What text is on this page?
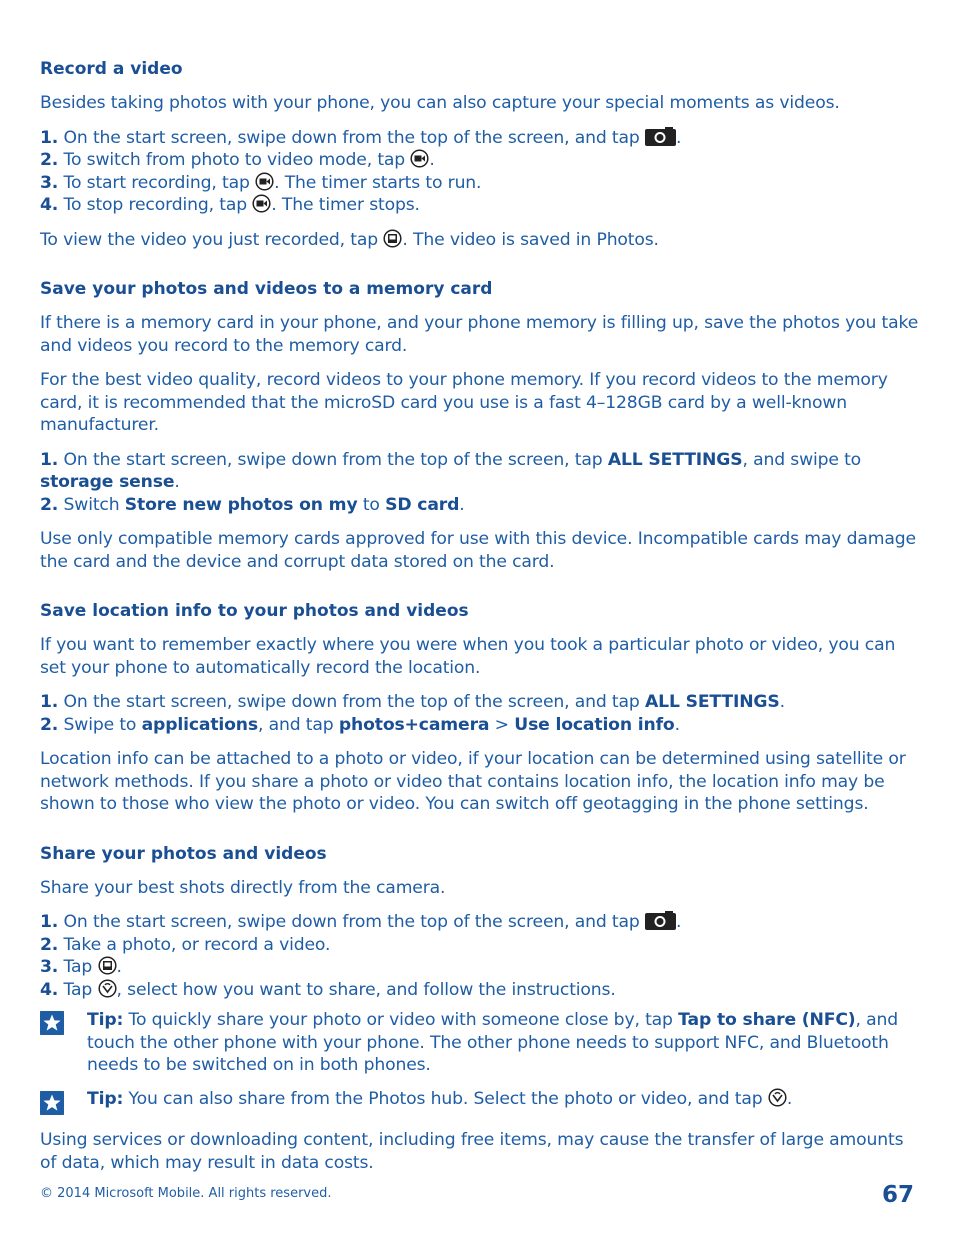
Record a video

Besides taking photos with your phone, you can also capture your special moments as videos.

1. On the start screen, swipe down from the top of the screen, and tap .

2. To switch from photo to video mode, tap .

3. To start recording, tap . The timer starts to run.

4. To stop recording, tap . The timer stops.

To view the video you just recorded, tap . The video is saved in Photos.

Save your photos and videos to a memory card

If there is a memory card in your phone, and your phone memory is filling up, save the photos you take and videos you record to the memory card.

For the best video quality, record videos to your phone memory. If you record videos to the memory card, it is recommended that the microSD card you use is a fast 4–128GB card by a well-known manufacturer.

1. On the start screen, swipe down from the top of the screen, tap ALL SETTINGS, and swipe to storage sense.

2. Switch Store new photos on my to SD card.

Use only compatible memory cards approved for use with this device. Incompatible cards may damage the card and the device and corrupt data stored on the card.

Save location info to your photos and videos

If you want to remember exactly where you were when you took a particular photo or video, you can set your phone to automatically record the location.

1. On the start screen, swipe down from the top of the screen, and tap ALL SETTINGS.

2. Swipe to applications, and tap photos+camera > Use location info.

Location info can be attached to a photo or video, if your location can be determined using satellite or network methods. If you share a photo or video that contains location info, the location info may be shown to those who view the photo or video. You can switch off geotagging in the phone settings.

Share your photos and videos

Share your best shots directly from the camera.

1. On the start screen, swipe down from the top of the screen, and tap .

2. Take a photo, or record a video.

3. Tap .

4. Tap , select how you want to share, and follow the instructions.

Tip: To quickly share your photo or video with someone close by, tap Tap to share (NFC), and touch the other phone with your phone. The other phone needs to support NFC, and Bluetooth needs to be switched on in both phones.

Tip: You can also share from the Photos hub. Select the photo or video, and tap .

Using services or downloading content, including free items, may cause the transfer of large amounts of data, which may result in data costs.

© 2014 Microsoft Mobile. All rights reserved.	67
